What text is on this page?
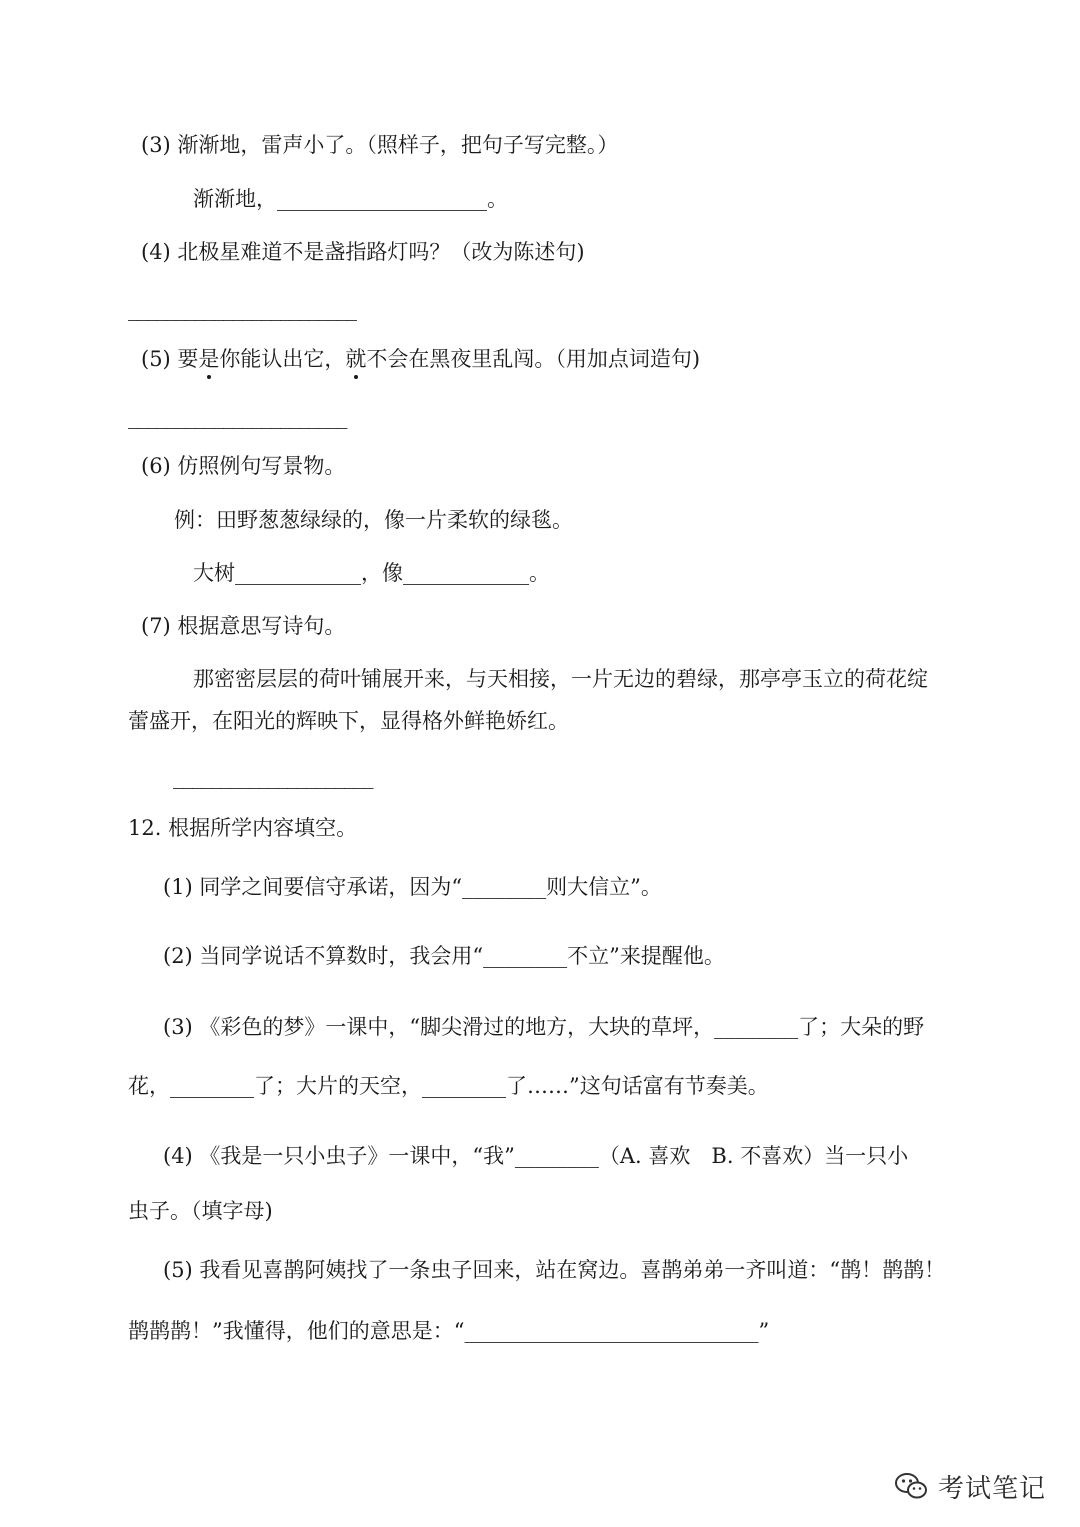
(3) 渐渐地，雷声小了。（照样子，把句子写完整。）
渐渐地，____________________。
(4) 北极星难道不是盏指路灯吗？（改为陈述句)
________________________
(5) 要是你能认出它，就不会在黑夜里乱闯。（用加点词造句)
_______________________
(6) 仿照例句写景物。
例：田野葱葱绿绿的，像一片柔软的绿毯。
大树____________，像____________。
(7) 根据意思写诗句。
那密密层层的荷叶铺展开来，与天相接，一片无边的碧绿，那亭亭玉立的荷花绽
蕾盛开，在阳光的辉映下，显得格外鲜艳娇红。
_____________________
12. 根据所学内容填空。
(1) 同学之间要信守承诺，因为“________则大信立”。
(2) 当同学说话不算数时，我会用“________不立”来提醒他。
(3) 《彩色的梦》一课中，“脚尖滑过的地方，大块的草坪，________了；大朵的野
花，________了；大片的天空，________了……”这句话富有节奏美。
(4) 《我是一只小虫子》一课中，“我”________（A. 喜欢　B. 不喜欢）当一只小
虫子。（填字母)
(5) 我看见喜鹊阿姨找了一条虫子回来，站在窝边。喜鹊弟弟一齐叫道：“鹊！鹊鹊！
鹊鹊鹊！”我懂得，他们的意思是：“____________________________”
考试笔记
